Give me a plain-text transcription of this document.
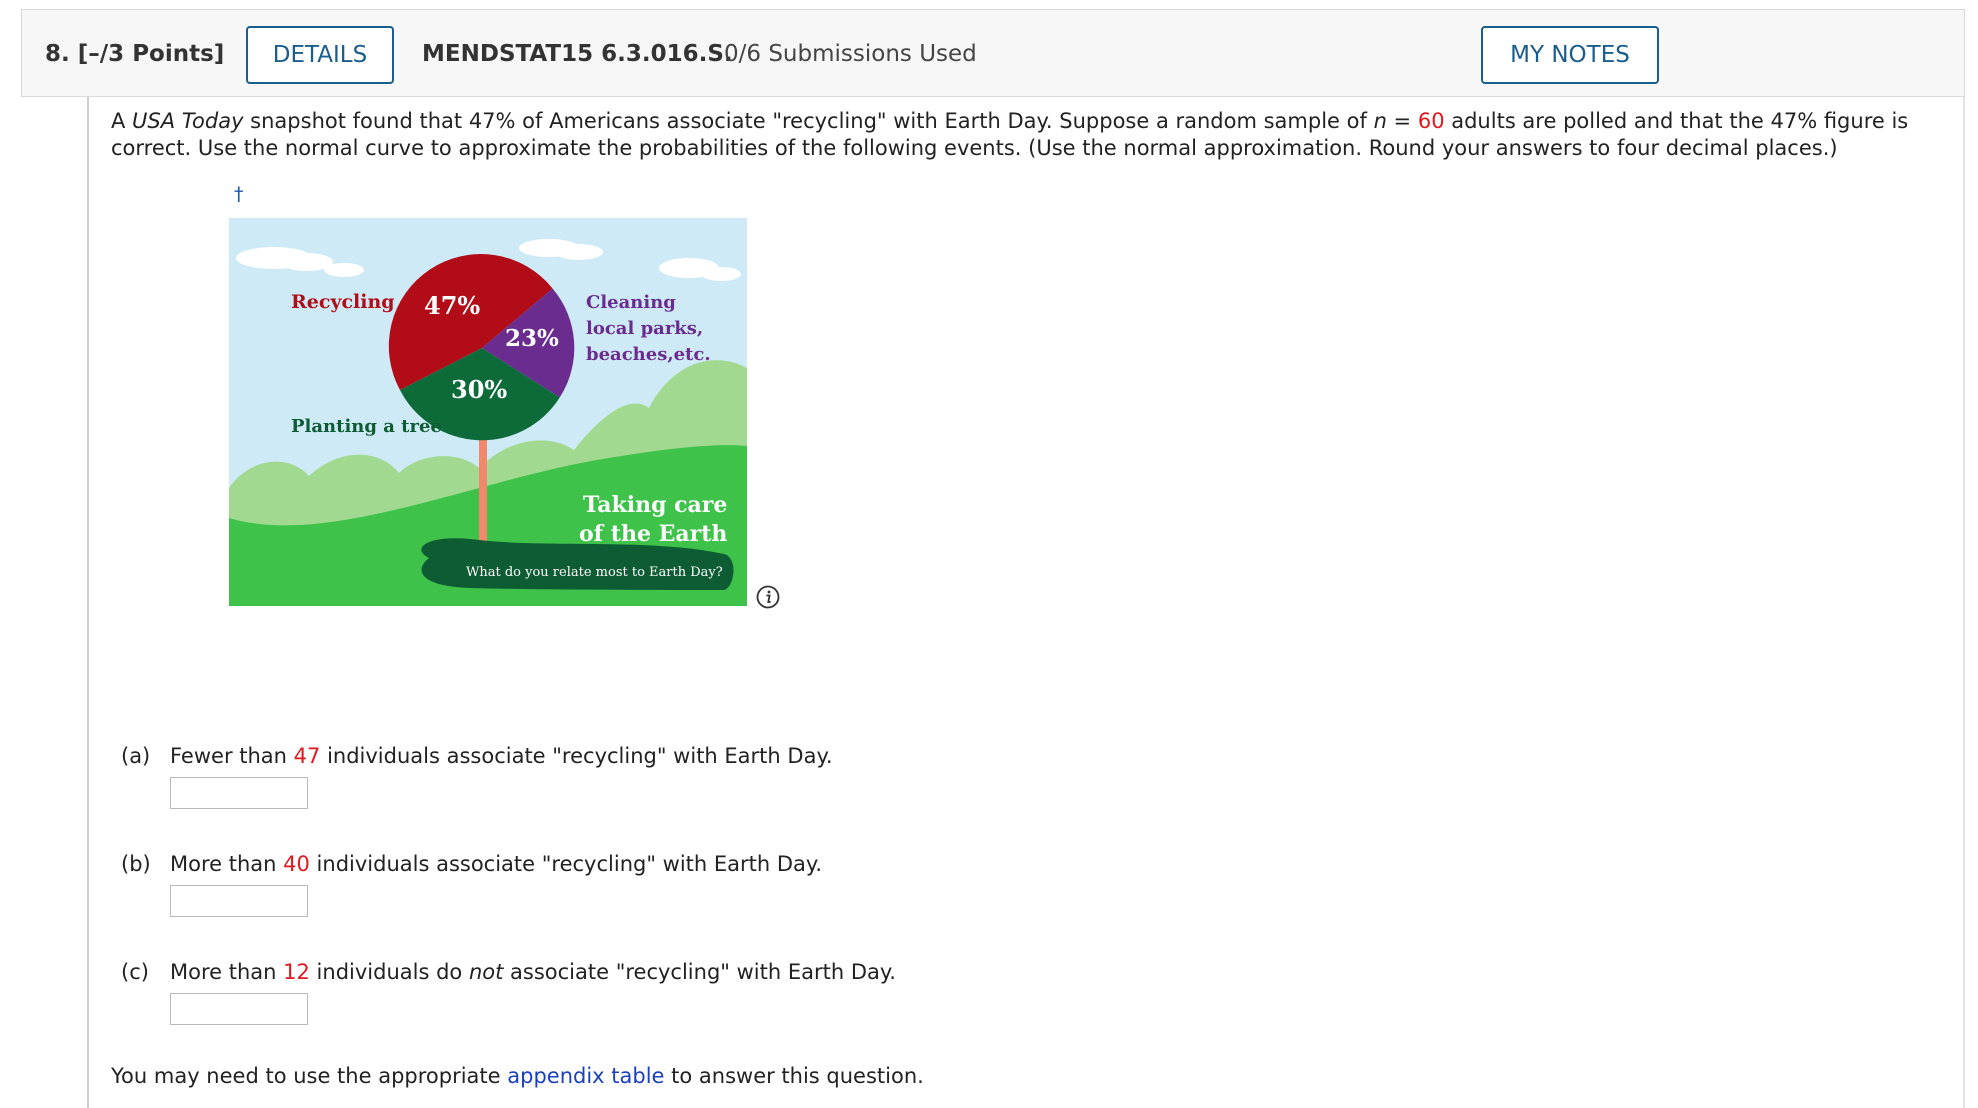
8. [–/3 Points]	DETAILS	MENDSTAT15 6.3.016.S.
0/6 Submissions Used	MY NOTES
A USA Today snapshot found that 47% of Americans associate "recycling" with Earth Day. Suppose a random sample of n = 60 adults are polled and that the 47% figure is correct. Use the normal curve to approximate the probabilities of the following events. (Use the normal approximation. Round your answers to four decimal places.)
†
47%
23%
30%
Recycling	Cleaning
local parks,
beaches,etc.
Planting a tree
Taking care
of the Earth
What do you relate most to Earth Day?
(a) Fewer than 47 individuals associate "recycling" with Earth Day.
(b) More than 40 individuals associate "recycling" with Earth Day.
(c) More than 12 individuals do not associate "recycling" with Earth Day.
You may need to use the appropriate appendix table to answer this question.
